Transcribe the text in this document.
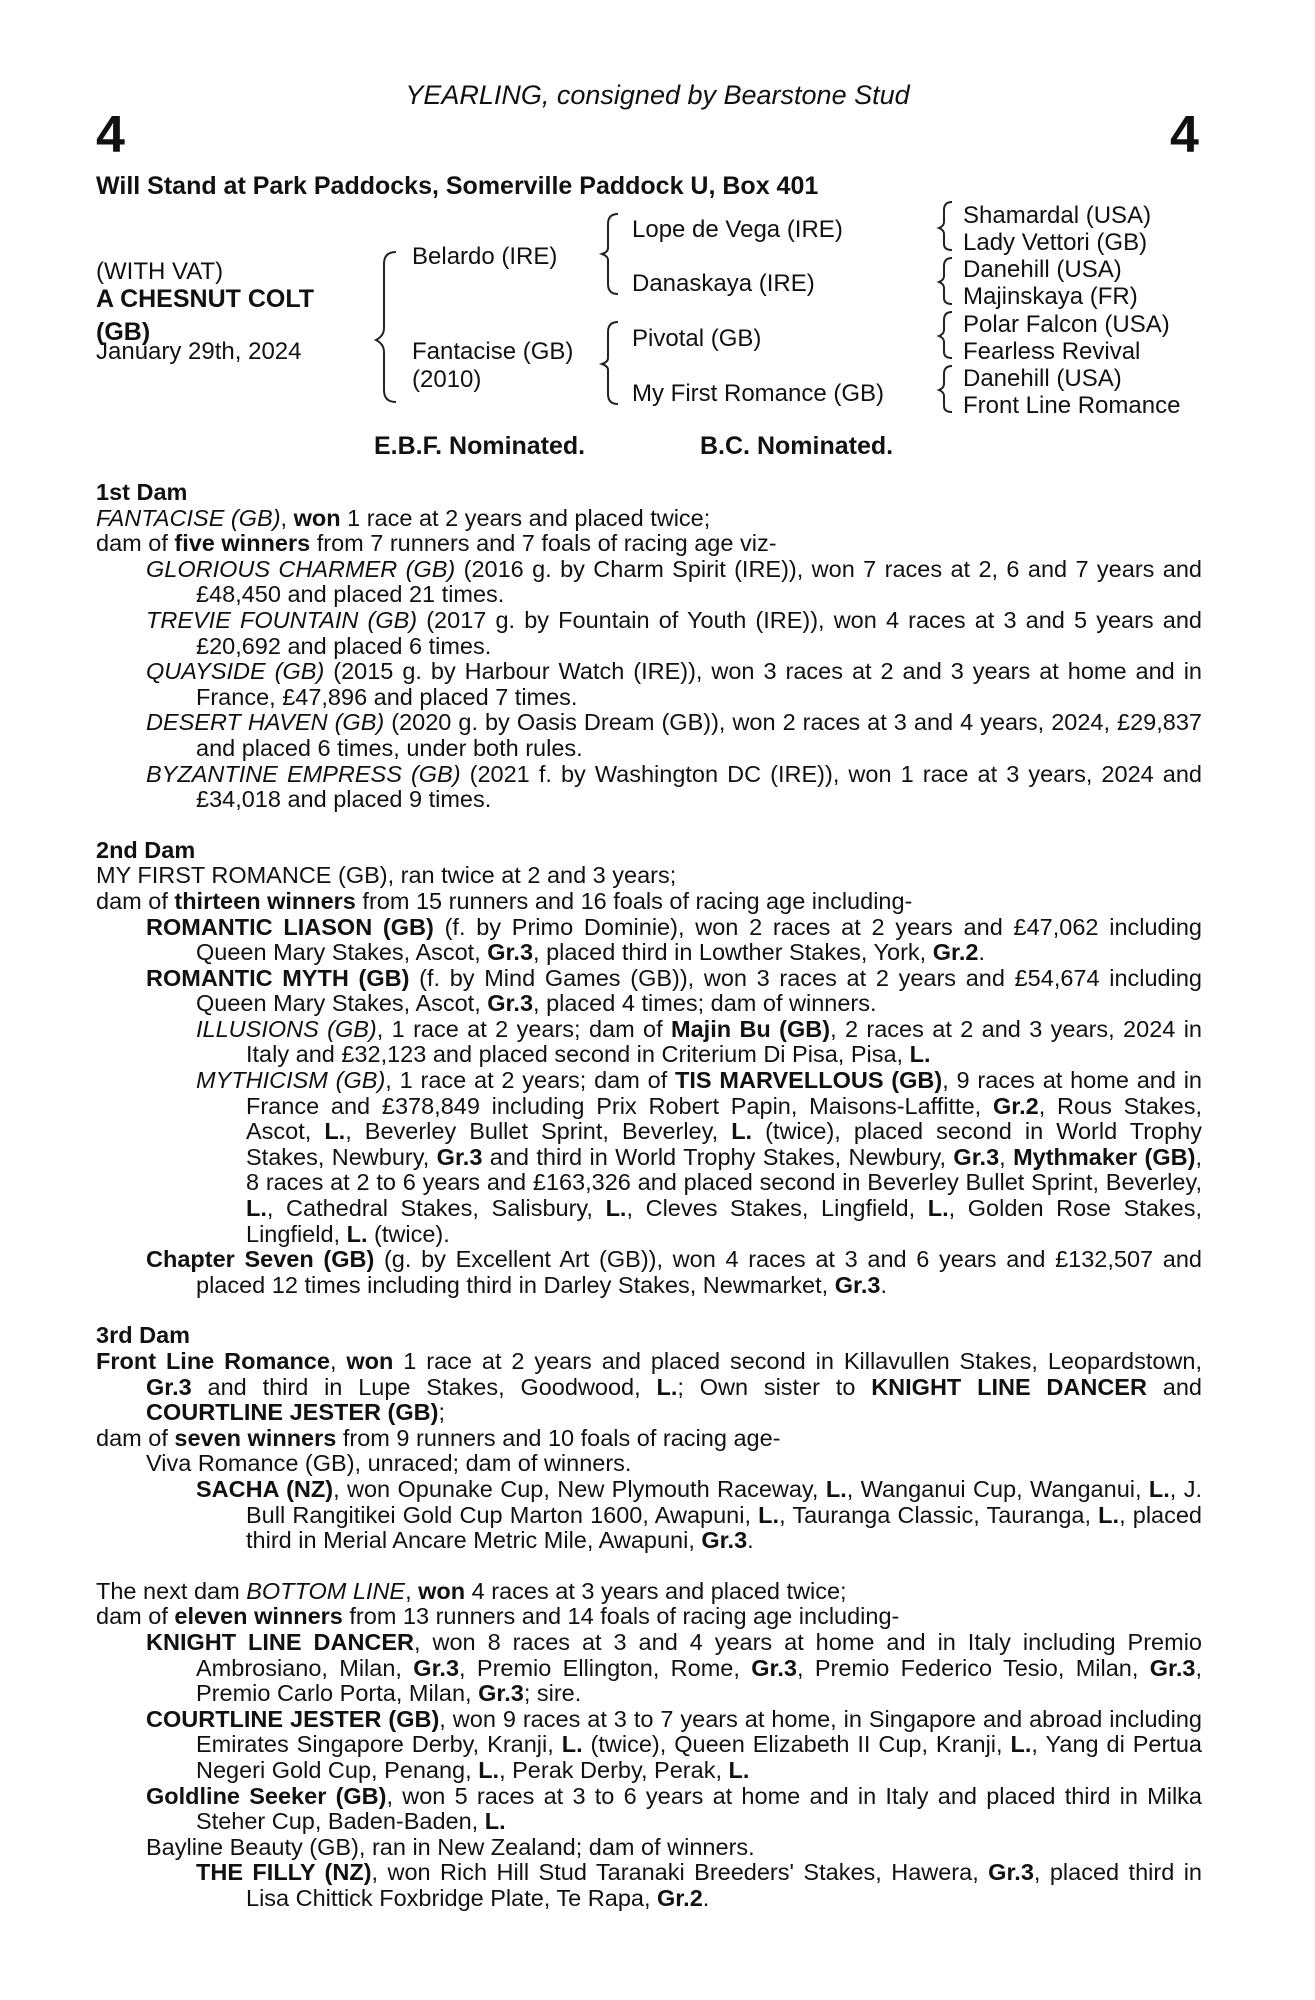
YEARLING, consigned by Bearstone Stud
4	4
Will Stand at Park Paddocks, Somerville Paddock U, Box 401
(WITH VAT)
A CHESNUT COLT
(GB)
January 29th, 2024
Belardo (IRE)
Fantacise (GB)
(2010)
Lope de Vega (IRE)
Danaskaya (IRE)
Pivotal (GB)
My First Romance (GB)
Shamardal (USA)
Lady Vettori (GB)
Danehill (USA)
Majinskaya (FR)
Polar Falcon (USA)
Fearless Revival
Danehill (USA)
Front Line Romance
E.B.F. Nominated.	B.C. Nominated.

1st Dam

FANTACISE (GB), won 1 race at 2 years and placed twice;

dam of five winners from 7 runners and 7 foals of racing age viz-

GLORIOUS CHARMER (GB) (2016 g. by Charm Spirit (IRE)), won 7 races at 2, 6 and 7 years and £48,450 and placed 21 times.

TREVIE FOUNTAIN (GB) (2017 g. by Fountain of Youth (IRE)), won 4 races at 3 and 5 years and £20,692 and placed 6 times.

QUAYSIDE (GB) (2015 g. by Harbour Watch (IRE)), won 3 races at 2 and 3 years at home and in France, £47,896 and placed 7 times.

DESERT HAVEN (GB) (2020 g. by Oasis Dream (GB)), won 2 races at 3 and 4 years, 2024, £29,837 and placed 6 times, under both rules.

BYZANTINE EMPRESS (GB) (2021 f. by Washington DC (IRE)), won 1 race at 3 years, 2024 and £34,018 and placed 9 times.

2nd Dam

MY FIRST ROMANCE (GB), ran twice at 2 and 3 years;

dam of thirteen winners from 15 runners and 16 foals of racing age including-

ROMANTIC LIASON (GB) (f. by Primo Dominie), won 2 races at 2 years and £47,062 including Queen Mary Stakes, Ascot, Gr.3, placed third in Lowther Stakes, York, Gr.2.

ROMANTIC MYTH (GB) (f. by Mind Games (GB)), won 3 races at 2 years and £54,674 including Queen Mary Stakes, Ascot, Gr.3, placed 4 times; dam of winners.

ILLUSIONS (GB), 1 race at 2 years; dam of Majin Bu (GB), 2 races at 2 and 3 years, 2024 in Italy and £32,123 and placed second in Criterium Di Pisa, Pisa, L.

MYTHICISM (GB), 1 race at 2 years; dam of TIS MARVELLOUS (GB), 9 races at home and in France and £378,849 including Prix Robert Papin, Maisons-Laffitte, Gr.2, Rous Stakes, Ascot, L., Beverley Bullet Sprint, Beverley, L. (twice), placed second in World Trophy Stakes, Newbury, Gr.3 and third in World Trophy Stakes, Newbury, Gr.3, Mythmaker (GB), 8 races at 2 to 6 years and £163,326 and placed second in Beverley Bullet Sprint, Beverley, L., Cathedral Stakes, Salisbury, L., Cleves Stakes, Lingfield, L., Golden Rose Stakes, Lingfield, L. (twice).

Chapter Seven (GB) (g. by Excellent Art (GB)), won 4 races at 3 and 6 years and £132,507 and placed 12 times including third in Darley Stakes, Newmarket, Gr.3.

3rd Dam

Front Line Romance, won 1 race at 2 years and placed second in Killavullen Stakes, Leopardstown, Gr.3 and third in Lupe Stakes, Goodwood, L.; Own sister to KNIGHT LINE DANCER and COURTLINE JESTER (GB);

dam of seven winners from 9 runners and 10 foals of racing age-

Viva Romance (GB), unraced; dam of winners.

SACHA (NZ), won Opunake Cup, New Plymouth Raceway, L., Wanganui Cup, Wanganui, L., J. Bull Rangitikei Gold Cup Marton 1600, Awapuni, L., Tauranga Classic, Tauranga, L., placed third in Merial Ancare Metric Mile, Awapuni, Gr.3.

The next dam BOTTOM LINE, won 4 races at 3 years and placed twice;

dam of eleven winners from 13 runners and 14 foals of racing age including-

KNIGHT LINE DANCER, won 8 races at 3 and 4 years at home and in Italy including Premio Ambrosiano, Milan, Gr.3, Premio Ellington, Rome, Gr.3, Premio Federico Tesio, Milan, Gr.3, Premio Carlo Porta, Milan, Gr.3; sire.

COURTLINE JESTER (GB), won 9 races at 3 to 7 years at home, in Singapore and abroad including Emirates Singapore Derby, Kranji, L. (twice), Queen Elizabeth II Cup, Kranji, L., Yang di Pertua Negeri Gold Cup, Penang, L., Perak Derby, Perak, L.

Goldline Seeker (GB), won 5 races at 3 to 6 years at home and in Italy and placed third in Milka Steher Cup, Baden-Baden, L.

Bayline Beauty (GB), ran in New Zealand; dam of winners.

THE FILLY (NZ), won Rich Hill Stud Taranaki Breeders' Stakes, Hawera, Gr.3, placed third in Lisa Chittick Foxbridge Plate, Te Rapa, Gr.2.
